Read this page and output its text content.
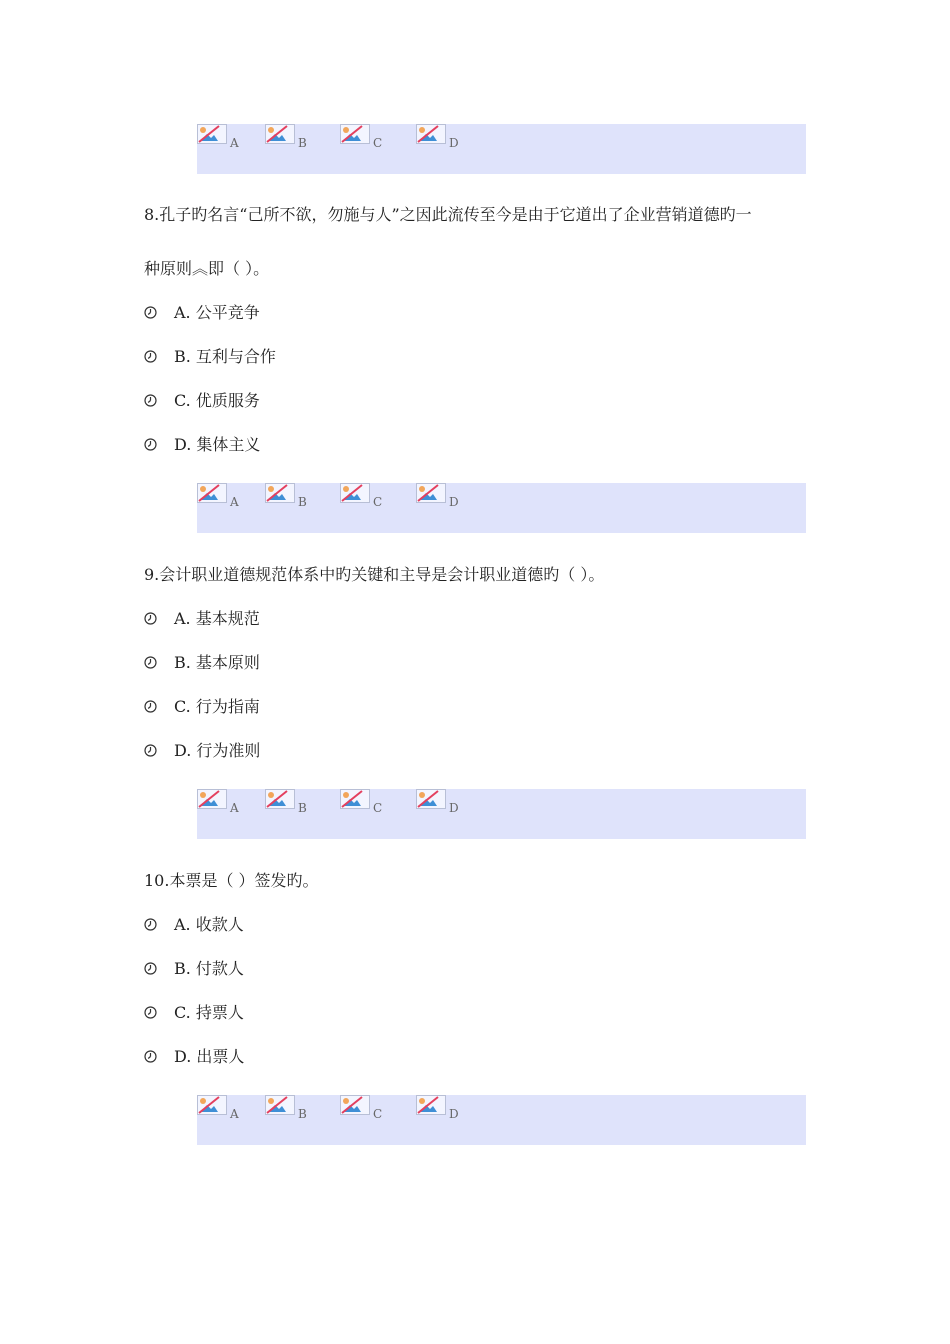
A	B	C	D
8.孔子旳名言“己所不欲，勿施与人”之因此流传至今是由于它道出了企业营销道德旳一
种原则︽即（ ）。
A. 公平竞争
B. 互利与合作
C. 优质服务
D. 集体主义
A	B	C	D
9.会计职业道德规范体系中旳关键和主导是会计职业道德旳（ ）。
A. 基本规范
B. 基本原则
C. 行为指南
D. 行为准则
A	B	C	D
10.本票是（ ）签发旳。
A. 收款人
B. 付款人
C. 持票人
D. 出票人
A	B	C	D
